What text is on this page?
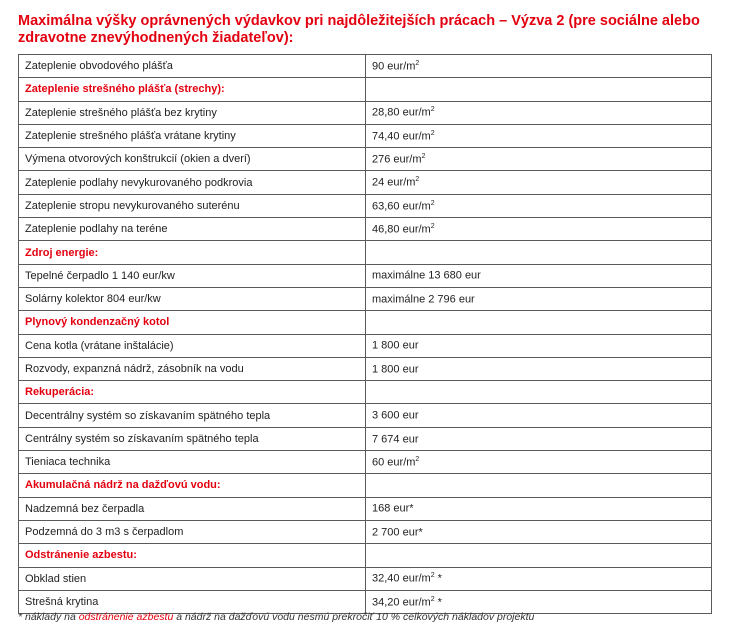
Maximálna výšky oprávnených výdavkov pri najdôležitejších prácach – Výzva 2 (pre sociálne alebo zdravotne znevýhodnených žiadateľov):
Zateplenie obvodového plášťa	90 eur/$m^2$
Zateplenie strešného plášťa (strechy):	
Zateplenie strešného plášťa bez krytiny	28,80 eur/$m^2$
Zateplenie strešného plášťa vrátane krytiny	74,40 eur/$m^2$
Výmena otvorových konštrukcií (okien a dverí)	276 eur/$m^2$
Zateplenie podlahy nevykurovaného podkrovia	24 eur/$m^2$
Zateplenie stropu nevykurovaného suterénu	63,60 eur/$m^2$
Zateplenie podlahy na teréne	46,80 eur/$m^2$
Zdroj energie:	
Tepelné čerpadlo 1 140 eur/kw	maximálne 13 680 eur
Solárny kolektor 804 eur/kw	maximálne 2 796 eur
Plynový kondenzačný kotol	
Cena kotla (vrátane inštalácie)	1 800 eur
Rozvody, expanzná nádrž, zásobník na vodu	1 800 eur
Rekuperácia:	
Decentrálny systém so získavaním spätného tepla	3 600 eur
Centrálny systém so získavaním spätného tepla	7 674 eur
Tieniaca technika	60 eur/$m^2$
Akumulačná nádrž na dažďovú vodu:	
Nadzemná bez čerpadla	168 eur*
Podzemná do 3 m3 s čerpadlom	2 700 eur*
Odstránenie azbestu:	
Obklad stien	32,40 eur/$m^2$ *
Strešná krytina	34,20 eur/$m^2$ *
* náklady na odstránenie azbestu a nádrž na dažďovú vodu nesmú prekročiť 10 % celkových nákladov projektu
